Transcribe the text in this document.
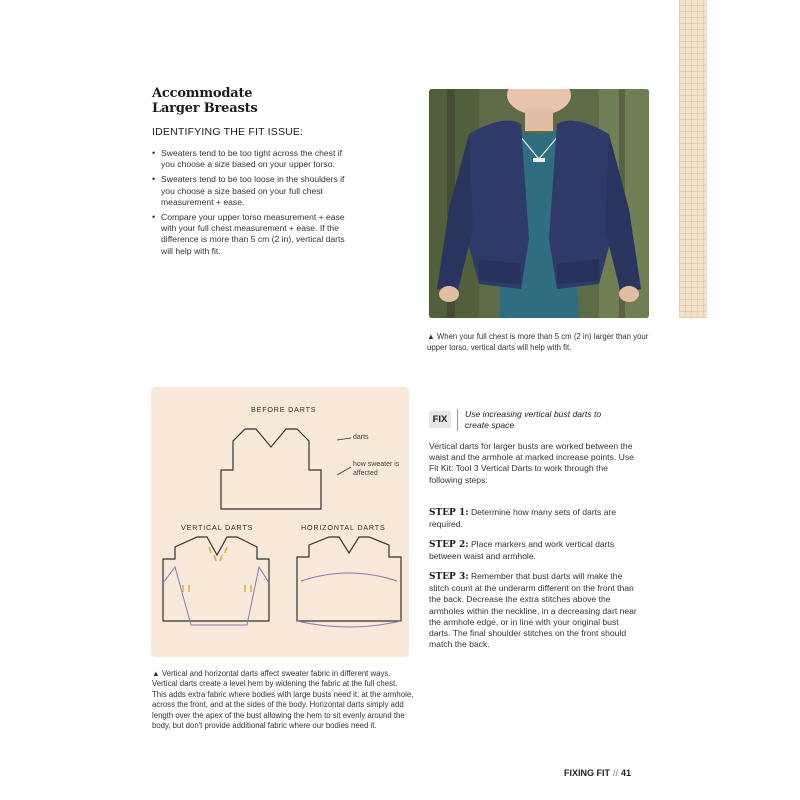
Accommodate
Larger Breasts
IDENTIFYING THE FIT ISSUE:
• Sweaters tend to be too tight across the chest if you choose a size based on your upper torso.
• Sweaters tend to be too loose in the shoulders if you choose a size based on your full chest measurement + ease.
• Compare your upper torso measurement + ease with your full chest measurement + ease. If the difference is more than 5 cm (2 in), vertical darts will help with fit.
▲ When your full chest is more than 5 cm (2 in) larger than your upper torso, vertical darts will help with fit.
BEFORE DARTS
VERTICAL DARTS	HORIZONTAL DARTS
darts
how sweater is affected
▲ Vertical and horizontal darts affect sweater fabric in different ways. Vertical darts create a level hem by widening the fabric at the full chest. This adds extra fabric where bodies with large busts need it: at the armhole, across the front, and at the sides of the body. Horizontal darts simply add length over the apex of the bust allowing the hem to sit evenly around the body, but don't provide additional fabric where our bodies need it.
FIX	Use increasing vertical bust darts to create space
Vertical darts for larger busts are worked between the waist and the armhole at marked increase points. Use Fit Kit: Tool 3 Vertical Darts to work through the following steps:
STEP 1: Determine how many sets of darts are required.
STEP 2: Place markers and work vertical darts between waist and armhole.
STEP 3: Remember that bust darts will make the stitch count at the underarm different on the front than the back. Decrease the extra stitches above the armholes within the neckline, in a decreasing dart near the armhole edge, or in line with your original bust darts. The final shoulder stitches on the front should match the back.
FIXING FIT // 41
